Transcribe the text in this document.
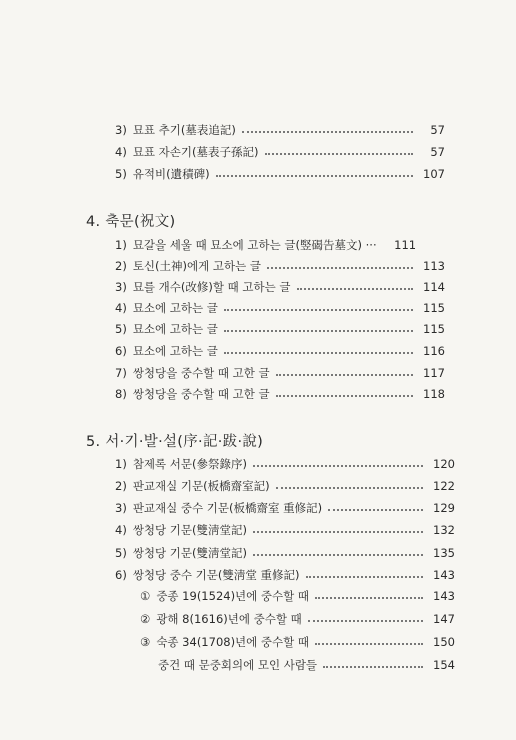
3) 묘표 추기(墓表追記)	57
4) 묘표 자손기(墓表子孫記)	57
5) 유적비(遺積碑)	107
4. 축문(祝文)
1) 묘갈을 세울 때 묘소에 고하는 글(竪碣告墓文) ···	111
2) 토신(土神)에게 고하는 글	113
3) 묘를 개수(改修)할 때 고하는 글	114
4) 묘소에 고하는 글	115
5) 묘소에 고하는 글	115
6) 묘소에 고하는 글	116
7) 쌍청당을 중수할 때 고한 글	117
8) 쌍청당을 중수할 때 고한 글	118
5. 서·기·발·설(序·記·跋·說)
1) 참제록 서문(參祭錄序)	120
2) 판교재실 기문(板橋齋室記)	122
3) 판교재실 중수 기문(板橋齋室 重修記)	129
4) 쌍청당 기문(雙淸堂記)	132
5) 쌍청당 기문(雙淸堂記)	135
6) 쌍청당 중수 기문(雙淸堂 重修記)	143
① 중종 19(1524)년에 중수할 때	143
② 광해 8(1616)년에 중수할 때	147
③ 숙종 34(1708)년에 중수할 때	150
중건 때 문중회의에 모인 사람들	154
